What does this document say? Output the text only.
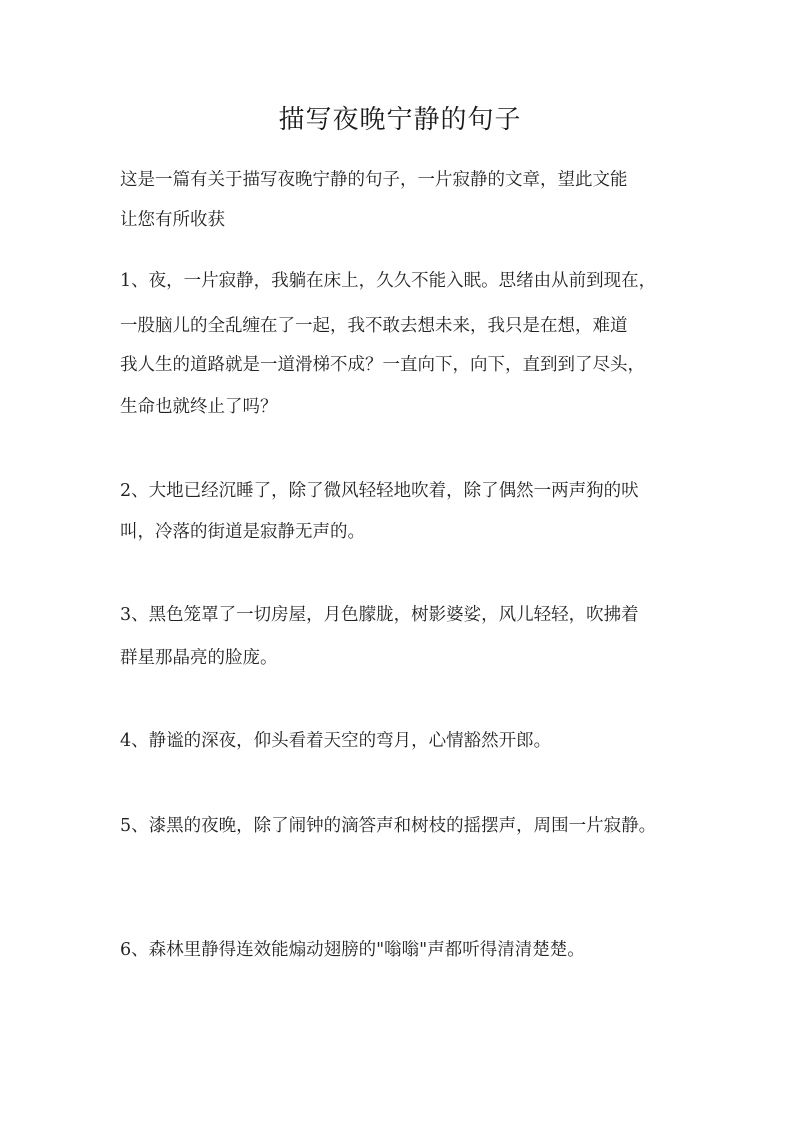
描写夜晚宁静的句子

这是一篇有关于描写夜晚宁静的句子，一片寂静的文章，望此文能

让您有所收获

1、夜，一片寂静，我躺在床上，久久不能入眠。思绪由从前到现在，

一股脑儿的全乱缠在了一起，我不敢去想未来，我只是在想，难道

我人生的道路就是一道滑梯不成？一直向下，向下，直到到了尽头，

生命也就终止了吗？

2、大地已经沉睡了，除了微风轻轻地吹着，除了偶然一两声狗的吠

叫，冷落的街道是寂静无声的。

3、黑色笼罩了一切房屋，月色朦胧，树影婆娑，风儿轻轻，吹拂着

群星那晶亮的脸庞。

4、静谧的深夜，仰头看着天空的弯月，心情豁然开郎。

5、漆黑的夜晚，除了闹钟的滴答声和树枝的摇摆声，周围一片寂静。

6、森林里静得连效能煽动翅膀的"嗡嗡"声都听得清清楚楚。
